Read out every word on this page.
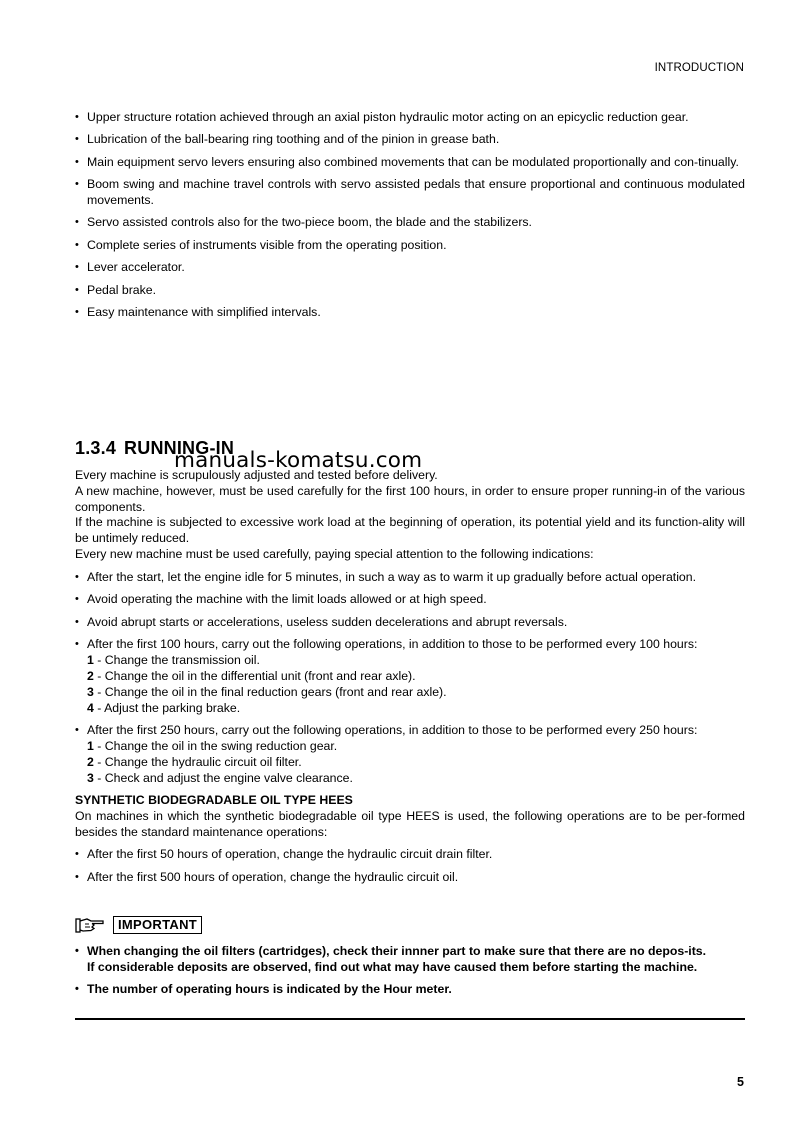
INTRODUCTION

• Upper structure rotation achieved through an axial piston hydraulic motor acting on an epicyclic reduction gear.

• Lubrication of the ball-bearing ring toothing and of the pinion in grease bath.

• Main equipment servo levers ensuring also combined movements that can be modulated proportionally and con-tinually.

• Boom swing and machine travel controls with servo assisted pedals that ensure proportional and continuous modulated movements.

• Servo assisted controls also for the two-piece boom, the blade and the stabilizers.

• Complete series of instruments visible from the operating position.

• Lever accelerator.

• Pedal brake.

• Easy maintenance with simplified intervals.

1.3.4 RUNNING-IN
manuals-komatsu.com

Every machine is scrupulously adjusted and tested before delivery.

A new machine, however, must be used carefully for the first 100 hours, in order to ensure proper running-in of the various components.

If the machine is subjected to excessive work load at the beginning of operation, its potential yield and its function-ality will be untimely reduced.

Every new machine must be used carefully, paying special attention to the following indications:

• After the start, let the engine idle for 5 minutes, in such a way as to warm it up gradually before actual operation.

• Avoid operating the machine with the limit loads allowed or at high speed.

• Avoid abrupt starts or accelerations, useless sudden decelerations and abrupt reversals.

• After the first 100 hours, carry out the following operations, in addition to those to be performed every 100 hours:
1 - Change the transmission oil.
2 - Change the oil in the differential unit (front and rear axle).
3 - Change the oil in the final reduction gears (front and rear axle).
4 - Adjust the parking brake.
• After the first 250 hours, carry out the following operations, in addition to those to be performed every 250 hours:
1 - Change the oil in the swing reduction gear.
2 - Change the hydraulic circuit oil filter.
3 - Check and adjust the engine valve clearance.

SYNTHETIC BIODEGRADABLE OIL TYPE HEES

On machines in which the synthetic biodegradable oil type HEES is used, the following operations are to be per-formed besides the standard maintenance operations:

• After the first 50 hours of operation, change the hydraulic circuit drain filter.

• After the first 500 hours of operation, change the hydraulic circuit oil.

IMPORTANT
• When changing the oil filters (cartridges), check their innner part to make sure that there are no depos-its.
If considerable deposits are observed, find out what may have caused them before starting the machine.

• The number of operating hours is indicated by the Hour meter.

5
